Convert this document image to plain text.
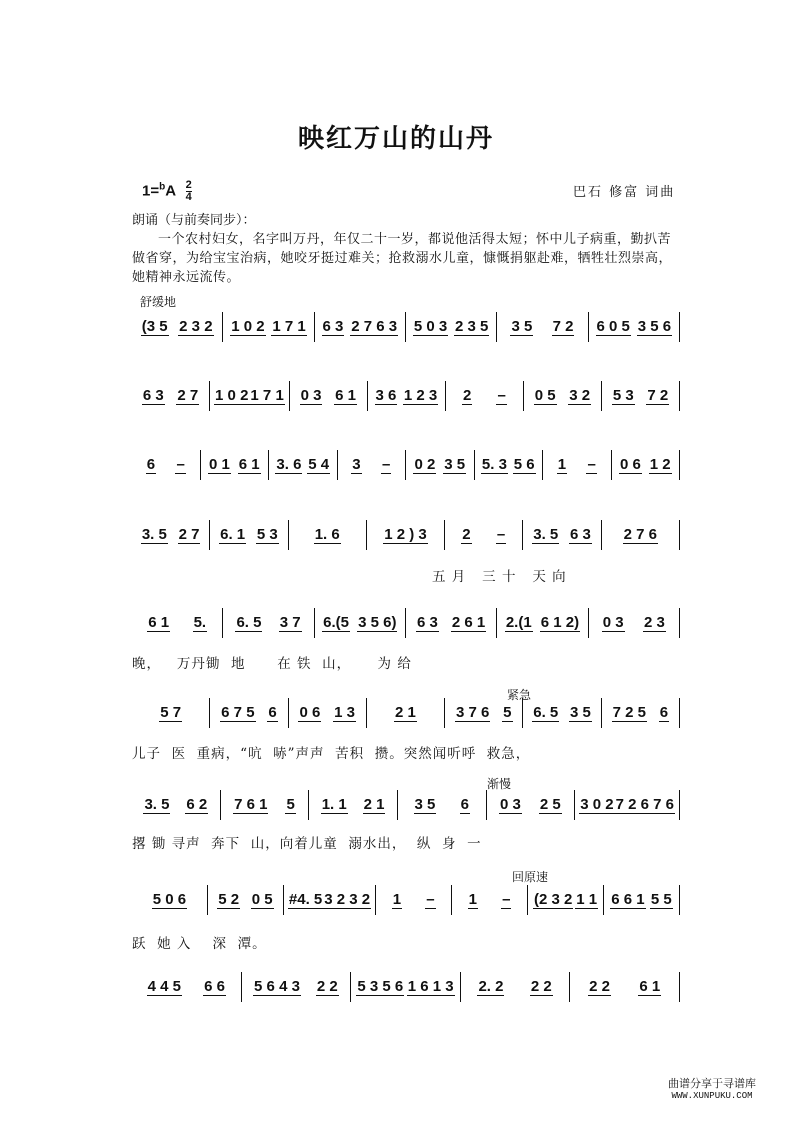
映红万山的山丹
$1=^bA \frac{2}{4}$	巴石 修富 词曲
朗诵（与前奏同步）：
一个农村妇女，名字叫万丹，年仅二十一岁，都说他活得太短；怀中儿子病重，勤扒苦做省穿，为给宝宝治病，她咬牙挺过难关；抢救溺水儿童，慷慨捐躯赴难，牺牲壮烈崇高，她精神永远流传。
舒缓地
紧急
渐慢
回原速
(3 5 2 3 2 1 0 2 1 7 1 6 3 2 7 6 3 5 0 3 2 3 5 3 5 7 2 6 0 5 3 5 6
6 3 2 7 1 0 2 1 7 1 0 3 6 1 3 6 1 2 3 2 – 0 5 3 2 5 3 7 2
6 – 0 1 6 1 3. 6 5 4 3 – 0 2 3 5 5. 3 5 6 1 – 0 6 1 2
3. 5 2 7 6. 1 5 3 1. 6	1 2 ) 3 2 – 3. 5 6 3 2 7 6
6 1 5. 6. 5 3 7 6.(5 3 5 6) 6 3 2 6 1 2.(1 6 1 2) 0 3 2 3
5 7	6 7 5 6 0 6 1 3	2 1	3 7 6 5 6. 5 3 5 7 2 5 6
3. 5 6 2 7 6 1 5 1. 1 2 1 3 5 6 0 3 2 5 3 0 2 7 2 6 7 6
5 0 6 5 2 0 5 #4. 5 3 2 3 2 1 – 1 – (2 3 2 1 1 6 6 1 5 5
4 4 5 6 6 5 6 4 3 2 2 5 3 5 6 1 6 1 3 2. 2 2 2 2 2 6 1
五 月   三 十   天 向
晚，   万丹锄  地      在 铁  山，     为 给
儿子  医  重病，“吭  哧”声声  苦积  攒。突然闻听呼  救急，
撂 锄 寻声  奔下  山，向着儿童  溺水出，  纵  身  一
跃  她 入    深  潭。
曲谱分享于寻谱库
WWW.XUNPUKU.COM
